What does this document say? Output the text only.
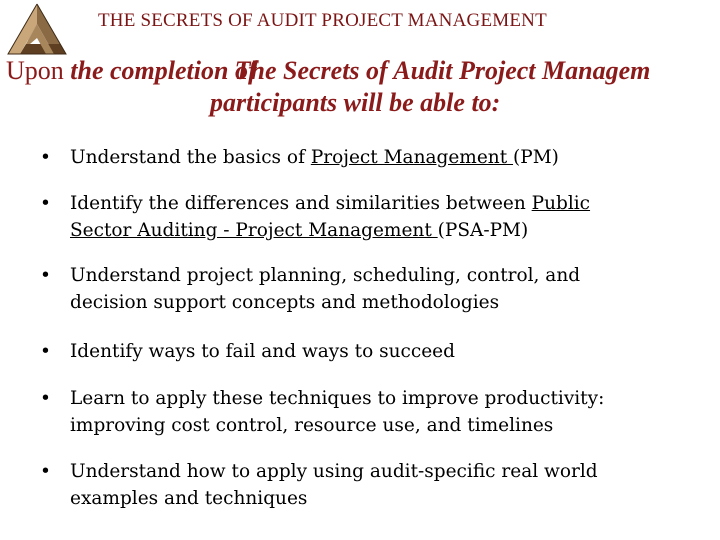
THE SECRETS OF AUDIT PROJECT MANAGEMENT
Upon the completion ofThe Secrets of Audit Project Managem
participants will be able to:
• Understand the basics of Project Management (PM)
• Identify the differences and similarities between Public
Sector Auditing - Project Management (PSA-PM)
• Understand project planning, scheduling, control, and
decision support concepts and methodologies
• Identify ways to fail and ways to succeed
• Learn to apply these techniques to improve productivity:
improving cost control, resource use, and timelines
• Understand how to apply using audit-specific real world
examples and techniques
